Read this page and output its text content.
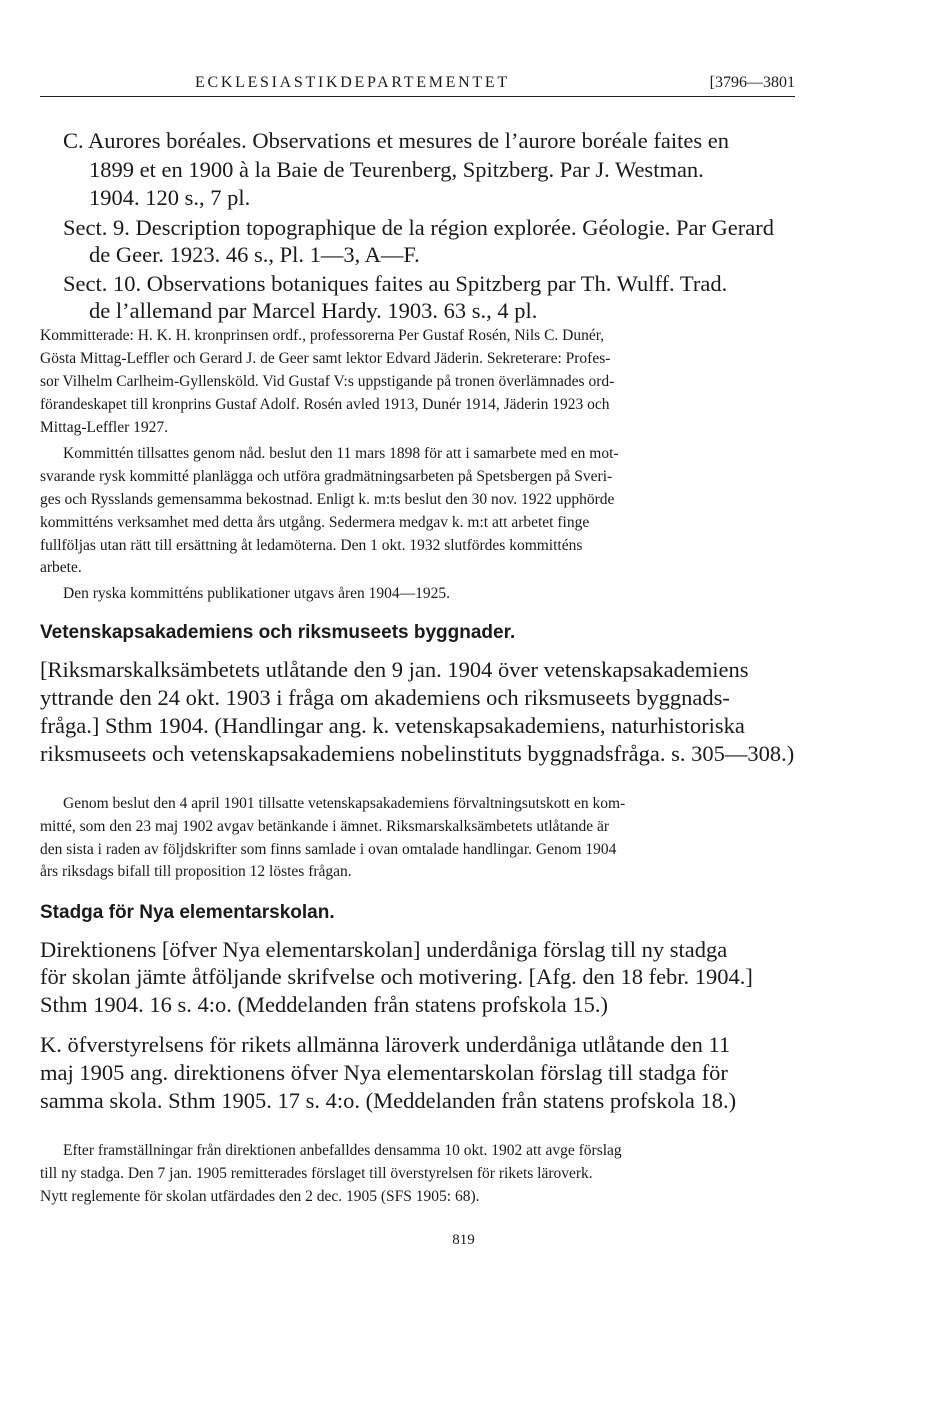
ECKLESIASTIKDEPARTEMENTET	[3796—3801
C. Aurores boréales. Observations et mesures de l’aurore boréale faites en
1899 et en 1900 à la Baie de Teurenberg, Spitzberg. Par J. Westman.
1904. 120 s., 7 pl.
Sect. 9. Description topographique de la région explorée. Géologie. Par Gerard
de Geer. 1923. 46 s., Pl. 1—3, A—F.
Sect. 10. Observations botaniques faites au Spitzberg par Th. Wulff. Trad.
de l’allemand par Marcel Hardy. 1903. 63 s., 4 pl.
Kommitterade: H. K. H. kronprinsen ordf., professorerna Per Gustaf Rosén, Nils C. Dunér,
Gösta Mittag-Leffler och Gerard J. de Geer samt lektor Edvard Jäderin. Sekreterare: Profes-
sor Vilhelm Carlheim-Gyllensköld. Vid Gustaf V:s uppstigande på tronen överlämnades ord-
förandeskapet till kronprins Gustaf Adolf. Rosén avled 1913, Dunér 1914, Jäderin 1923 och
Mittag-Leffler 1927.
Kommittén tillsattes genom nåd. beslut den 11 mars 1898 för att i samarbete med en mot-
svarande rysk kommitté planlägga och utföra gradmätningsarbeten på Spetsbergen på Sveri-
ges och Rysslands gemensamma bekostnad. Enligt k. m:ts beslut den 30 nov. 1922 upphörde
kommitténs verksamhet med detta års utgång. Sedermera medgav k. m:t att arbetet finge
fullföljas utan rätt till ersättning åt ledamöterna. Den 1 okt. 1932 slutfördes kommitténs
arbete.
Den ryska kommitténs publikationer utgavs åren 1904—1925.
Vetenskapsakademiens och riksmuseets byggnader.
[Riksmarskalksämbetets utlåtande den 9 jan. 1904 över vetenskapsakademiens
yttrande den 24 okt. 1903 i fråga om akademiens och riksmuseets byggnads-
fråga.] Sthm 1904. (Handlingar ang. k. vetenskapsakademiens, naturhistoriska
riksmuseets och vetenskapsakademiens nobelinstituts byggnadsfråga. s. 305—308.)
Genom beslut den 4 april 1901 tillsatte vetenskapsakademiens förvaltningsutskott en kom-
mitté, som den 23 maj 1902 avgav betänkande i ämnet. Riksmarskalksämbetets utlåtande är
den sista i raden av följdskrifter som finns samlade i ovan omtalade handlingar. Genom 1904
års riksdags bifall till proposition 12 löstes frågan.
Stadga för Nya elementarskolan.
Direktionens [öfver Nya elementarskolan] underdåniga förslag till ny stadga
för skolan jämte åtföljande skrifvelse och motivering. [Afg. den 18 febr. 1904.]
Sthm 1904. 16 s. 4:o. (Meddelanden från statens profskola 15.)
K. öfverstyrelsens för rikets allmänna läroverk underdåniga utlåtande den 11
maj 1905 ang. direktionens öfver Nya elementarskolan förslag till stadga för
samma skola. Sthm 1905. 17 s. 4:o. (Meddelanden från statens profskola 18.)
Efter framställningar från direktionen anbefalldes densamma 10 okt. 1902 att avge förslag
till ny stadga. Den 7 jan. 1905 remitterades förslaget till överstyrelsen för rikets läroverk.
Nytt reglemente för skolan utfärdades den 2 dec. 1905 (SFS 1905: 68).
819
